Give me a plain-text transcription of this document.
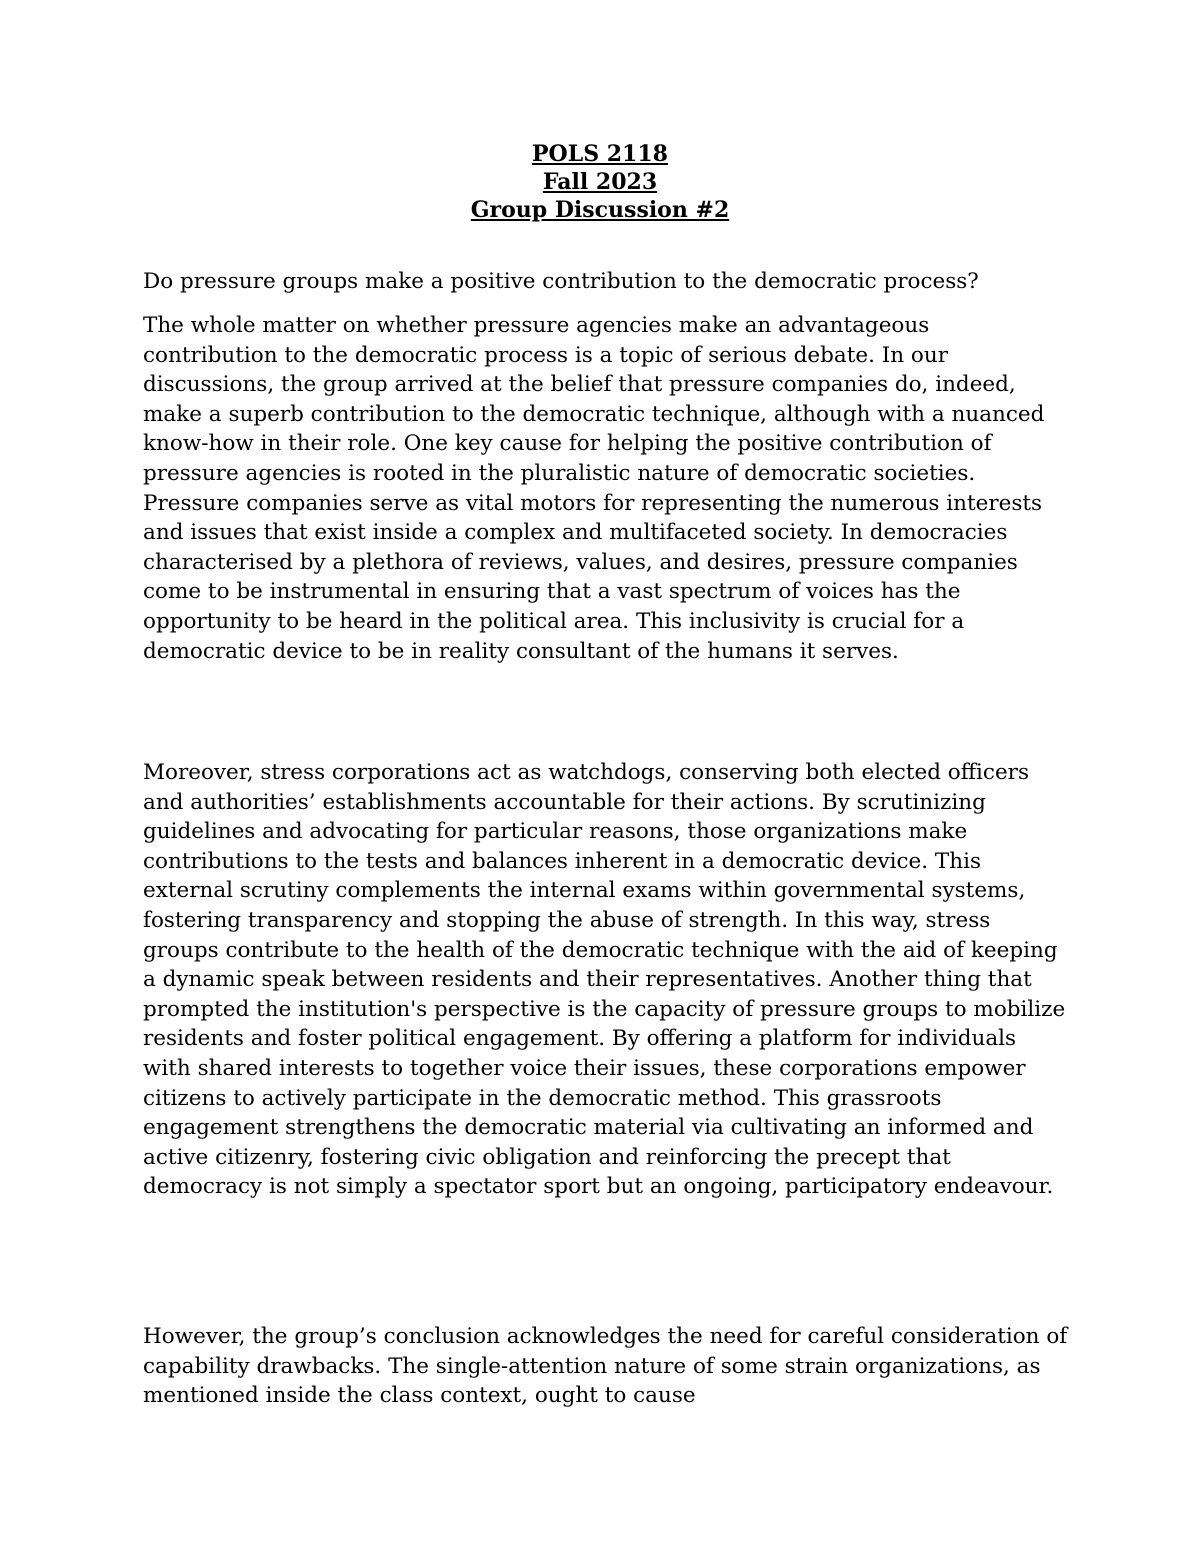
POLS 2118
Fall 2023
Group Discussion #2

Do pressure groups make a positive contribution to the democratic process?

The whole matter on whether pressure agencies make an advantageous contribution to the democratic process is a topic of serious debate. In our discussions, the group arrived at the belief that pressure companies do, indeed, make a superb contribution to the democratic technique, although with a nuanced know-how in their role. One key cause for helping the positive contribution of pressure agencies is rooted in the pluralistic nature of democratic societies. Pressure companies serve as vital motors for representing the numerous interests and issues that exist inside a complex and multifaceted society. In democracies characterised by a plethora of reviews, values, and desires, pressure companies come to be instrumental in ensuring that a vast spectrum of voices has the opportunity to be heard in the political area. This inclusivity is crucial for a democratic device to be in reality consultant of the humans it serves.

Moreover, stress corporations act as watchdogs, conserving both elected officers and authorities’ establishments accountable for their actions. By scrutinizing guidelines and advocating for particular reasons, those organizations make contributions to the tests and balances inherent in a democratic device. This external scrutiny complements the internal exams within governmental systems, fostering transparency and stopping the abuse of strength. In this way, stress groups contribute to the health of the democratic technique with the aid of keeping a dynamic speak between residents and their representatives. Another thing that prompted the institution's perspective is the capacity of pressure groups to mobilize residents and foster political engagement. By offering a platform for individuals with shared interests to together voice their issues, these corporations empower citizens to actively participate in the democratic method. This grassroots engagement strengthens the democratic material via cultivating an informed and active citizenry, fostering civic obligation and reinforcing the precept that democracy is not simply a spectator sport but an ongoing, participatory endeavour.

However, the group’s conclusion acknowledges the need for careful consideration of capability drawbacks. The single-attention nature of some strain organizations, as mentioned inside the class context, ought to cause
